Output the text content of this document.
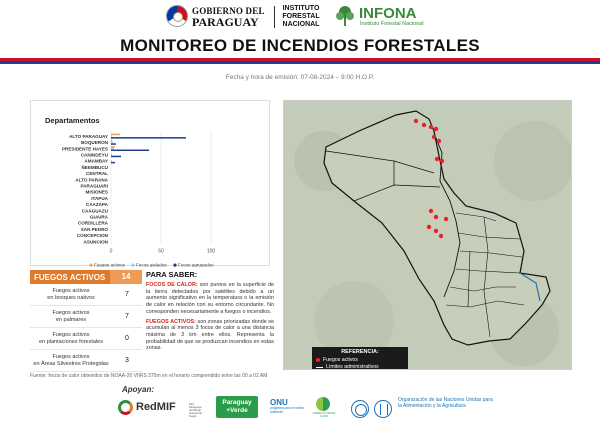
GOBIERNO DEL
PARAGUAY
INSTITUTO
FORESTAL
NACIONAL
INFONA
Instituto Forestal Nacional
MONITOREO DE INCENDIOS FORESTALES
Fecha y hora de emisión: 07-08-2024 – 9:00 H.O.P.
Departamentos
0	50	100
ALTO PARAGUAY
BOQUERON
PRESIDENTE HAYES
CANINDEYU
AMAMBAY
ÑEEMBUCU
CENTRAL
ALTO PARANA
PARAGUARI
MISIONES
ITAPUA
CAAZAPA
CAAGUAZU
GUAIRA
CORDILLERA
SAN PEDRO
CONCEPCION
ASUNCION
Fuegos activos Focos aislados Focos agrupados
FUEGOS ACTIVOS	14
Fuegos activos
en bosques nativos	7
Fuegos activos
en palmares	7
Fuegos activos
en plantaciones forestales	0
Fuegos activos
en Áreas Silvestres Protegidas	3
Fuente: focos de calor obtenidos de NOAA-20 VIIRS 375m en el horario comprendido entre las 00 a 02 AM
PARA SABER:

FOCOS DE CALOR: son puntos en la superficie de la tierra detectados por satélites debido a un aumento significativo en la temperatura o la emisión de calor en relación con su entorno circundante. No corresponden necesariamente a fuegos o incendios.

FUEGOS ACTIVOS: son zonas priorizadas donde se acumulan al menos 3 focos de calor a una distancia máxima de 3 km entre ellos. Representa la probabilidad de que se produzcan incendios en estas zonas.

REFERENCIA:
Fuegos activos
Límites administrativos
Apoyan:
RedMIF	Red Paraguaya de Manejo Integral del Fuego
Paraguay
+Verde
ONU
programa para el medio ambiente	GREEN CLIMATE FUND
Organización de las Naciones Unidas para la Alimentación y la Agricultura
